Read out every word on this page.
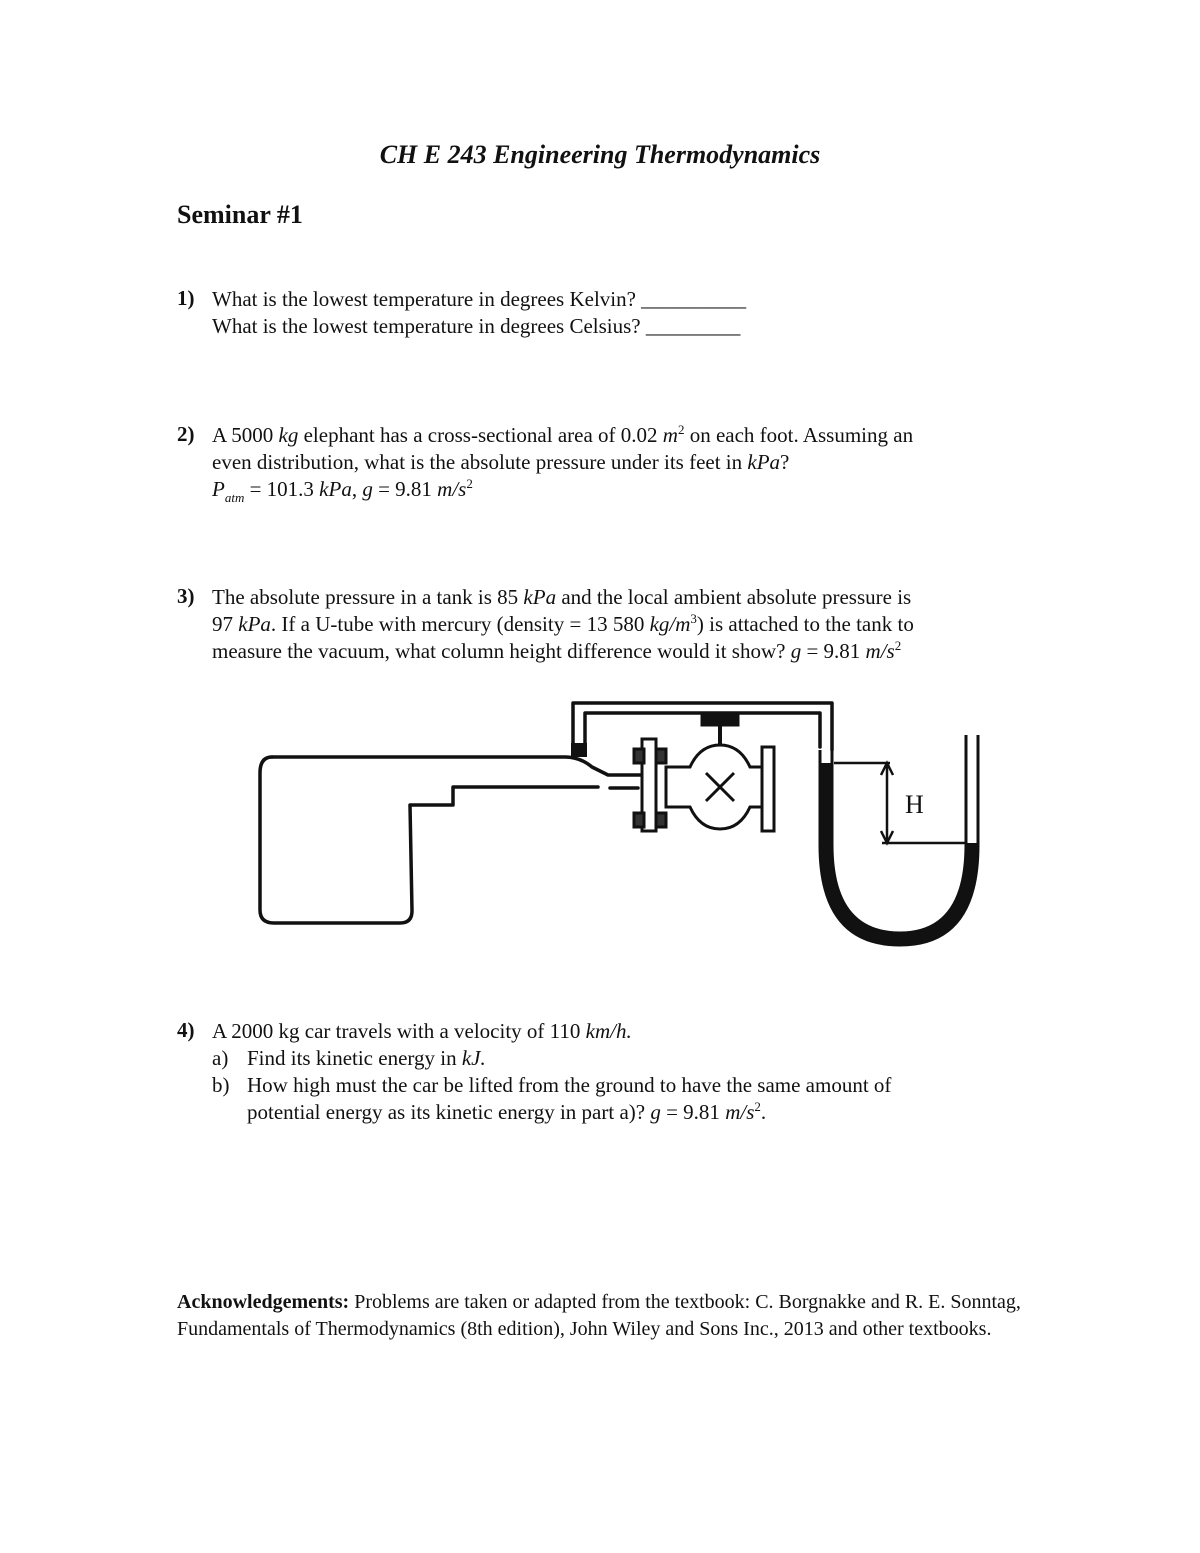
CH E 243 Engineering Thermodynamics
Seminar #1
1) What is the lowest temperature in degrees Kelvin? __________
What is the lowest temperature in degrees Celsius? _________
2) A 5000 kg elephant has a cross-sectional area of 0.02 $m^2$ on each foot. Assuming an
even distribution, what is the absolute pressure under its feet in kPa?
$P_{atm} = 101.3$ kPa, g = 9.81 $m/s^2$
3) The absolute pressure in a tank is 85 kPa and the local ambient absolute pressure is
97 kPa. If a U-tube with mercury (density = 13 580 $kg/m^3$) is attached to the tank to
measure the vacuum, what column height difference would it show? g = 9.81 $m/s^2$
H
4) A 2000 kg car travels with a velocity of 110 km/h.
a) Find its kinetic energy in kJ.
b) How high must the car be lifted from the ground to have the same amount of
potential energy as its kinetic energy in part a)? g = 9.81 $m/s^2$.
Acknowledgements: Problems are taken or adapted from the textbook: C. Borgnakke and R. E. Sonntag, Fundamentals of Thermodynamics (8th edition), John Wiley and Sons Inc., 2013 and other textbooks.
